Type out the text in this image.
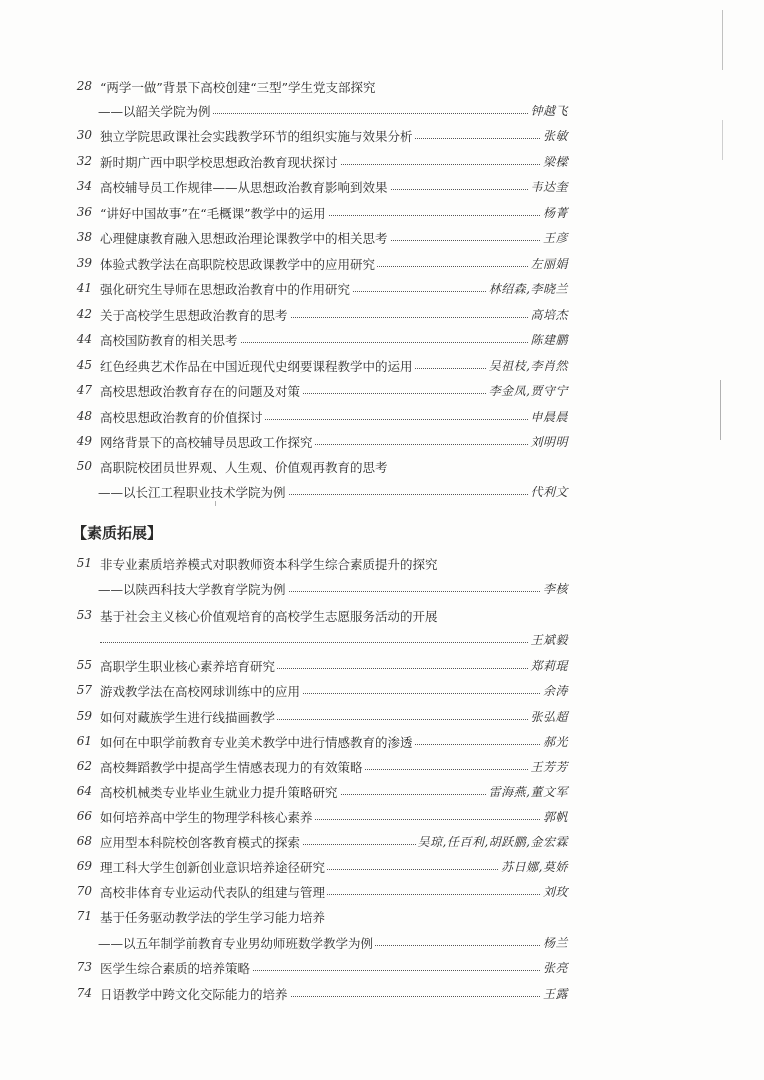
【素质拓展】
28 “两学一做”背景下高校创建“三型”学生党支部探究
——以韶关学院为例	钟越飞
30 独立学院思政课社会实践教学环节的组织实施与效果分析	张敏
32 新时期广西中职学校思想政治教育现状探讨	梁樑
34 高校辅导员工作规律——从思想政治教育影响到效果	韦达奎
36 “讲好中国故事”在“毛概课”教学中的运用	杨菁
38 心理健康教育融入思想政治理论课教学中的相关思考	王彦
39 体验式教学法在高职院校思政课教学中的应用研究	左丽娟
41 强化研究生导师在思想政治教育中的作用研究	林绍森,李晓兰
42 关于高校学生思想政治教育的思考	高培杰
44 高校国防教育的相关思考	陈建鹏
45 红色经典艺术作品在中国近现代史纲要课程教学中的运用	吴祖枝,李肖然
47 高校思想政治教育存在的问题及对策	李金凤,贾守宁
48 高校思想政治教育的价值探讨	申晨晨
49 网络背景下的高校辅导员思政工作探究	刘明明
50 高职院校团员世界观、人生观、价值观再教育的思考
——以长江工程职业技术学院为例	代利文
51 非专业素质培养模式对职教师资本科学生综合素质提升的探究
——以陕西科技大学教育学院为例	李核
53 基于社会主义核心价值观培育的高校学生志愿服务活动的开展
王斌毅
55 高职学生职业核心素养培育研究	郑莉琨
57 游戏教学法在高校网球训练中的应用	余涛
59 如何对藏族学生进行线描画教学	张弘超
61 如何在中职学前教育专业美术教学中进行情感教育的渗透	郝光
62 高校舞蹈教学中提高学生情感表现力的有效策略	王芳芳
64 高校机械类专业毕业生就业力提升策略研究	雷海燕,董文军
66 如何培养高中学生的物理学科核心素养	郭帆
68 应用型本科院校创客教育模式的探索	吴琼,任百利,胡跃鹏,金宏霖
69 理工科大学生创新创业意识培养途径研究	苏日娜,莫娇
70 高校非体育专业运动代表队的组建与管理	刘玫
71 基于任务驱动教学法的学生学习能力培养
——以五年制学前教育专业男幼师班数学教学为例	杨兰
73 医学生综合素质的培养策略	张亮
74 日语教学中跨文化交际能力的培养	王露
